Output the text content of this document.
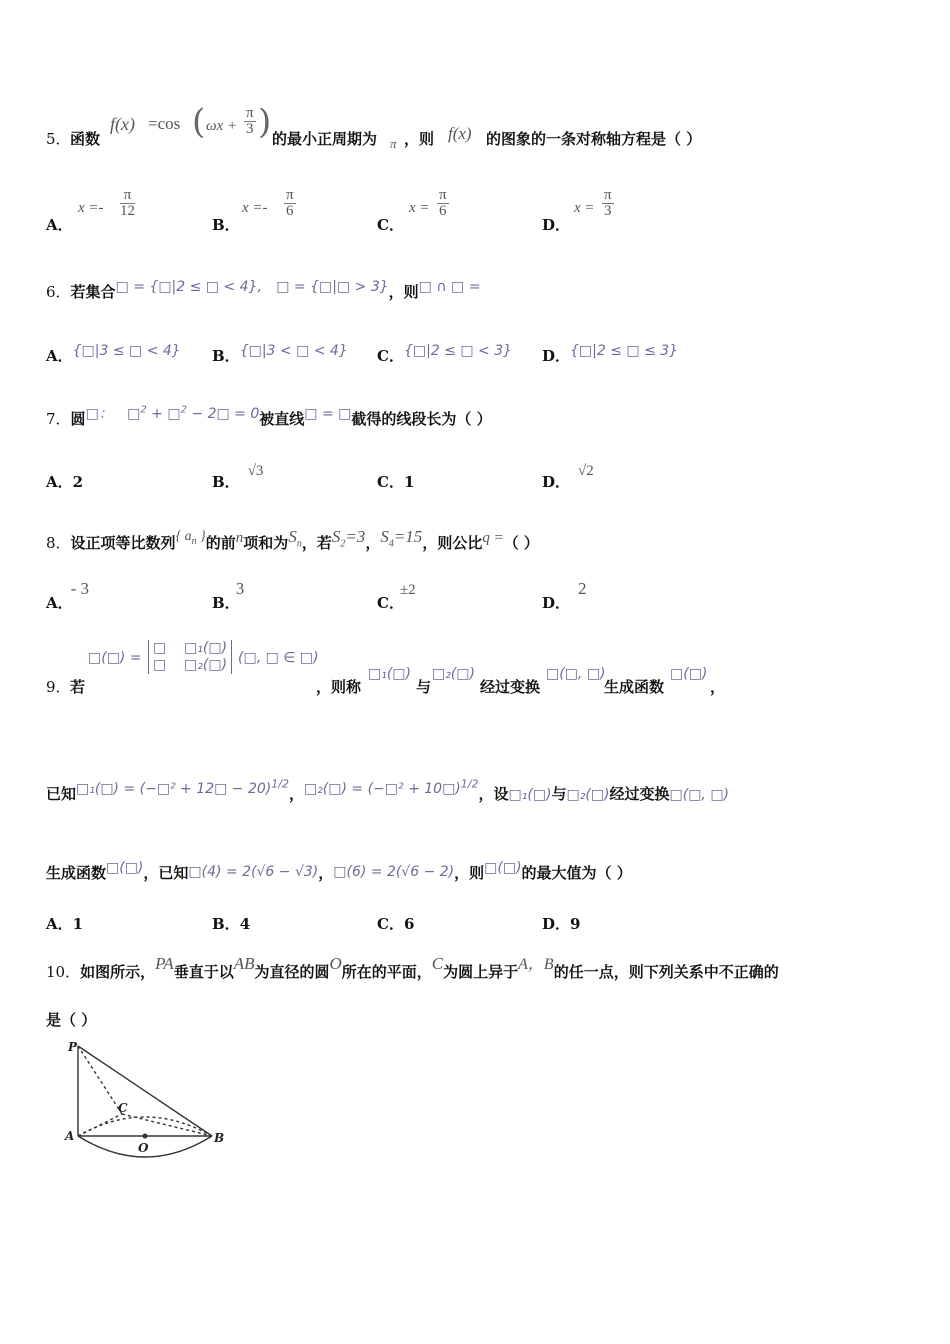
5． 函数
f(x) =cos ( $\omega x + \frac{\pi}{3}$ ) 的最小正周期为 π ，则 f(x) 的图象的一条对称轴方程是（ ）
A．
$x =- \frac{\pi}{12}$
B．
$x =- \frac{\pi}{6}$
C．
$x = \frac{\pi}{6}$
D．
$x = \frac{\pi}{3}$
6．若集合□ = {□|2 ≤ □ < 4}, □ = {□|□ > 3}，则□ ∩ □ =
A．{□|3 ≤ □ < 4} B．{□|3 < □ < 4} C．{□|2 ≤ □ < 3} D．{□|2 ≤ □ ≤ 3}
7．圆□： □$^2$ + □$^2$ − 2□ = 0被直线□ = □截得的线段长为（ ）
A．2	B．√3
C．1	D．√2
8．设正项等比数列{ $a_n$ }的前n项和为$S_n$，若$S_2=3$，$S_4=15$，则公比q =（ ）
A．- 3
B．3
C．±2
D．2
9． 若
□(□) =
□ □₁(□)
□ □₂(□) (□, □ ∈ □)
，则称
□₁(□)
与
□₂(□)
经过变换
□(□, □)
生成函数
□(□)
，
已知□₁(□) = (−□² + 12□ − 20)$^{1/2}$，□₂(□) = (−□² + 10□)$^{1/2}$，设□₁(□)与□₂(□)经过变换□(□, □)
生成函数□(□)，已知□(4) = 2(√6 − √3)，□(6) = 2(√6 − 2)，则□(□)的最大值为（ ）
A．1	B．4	C．6	D．9
10．如图所示，PA垂直于以AB为直径的圆O所在的平面，C为圆上异于A，B的任一点，则下列关系中不正确的
是（ ）
P
A	B
C
O
